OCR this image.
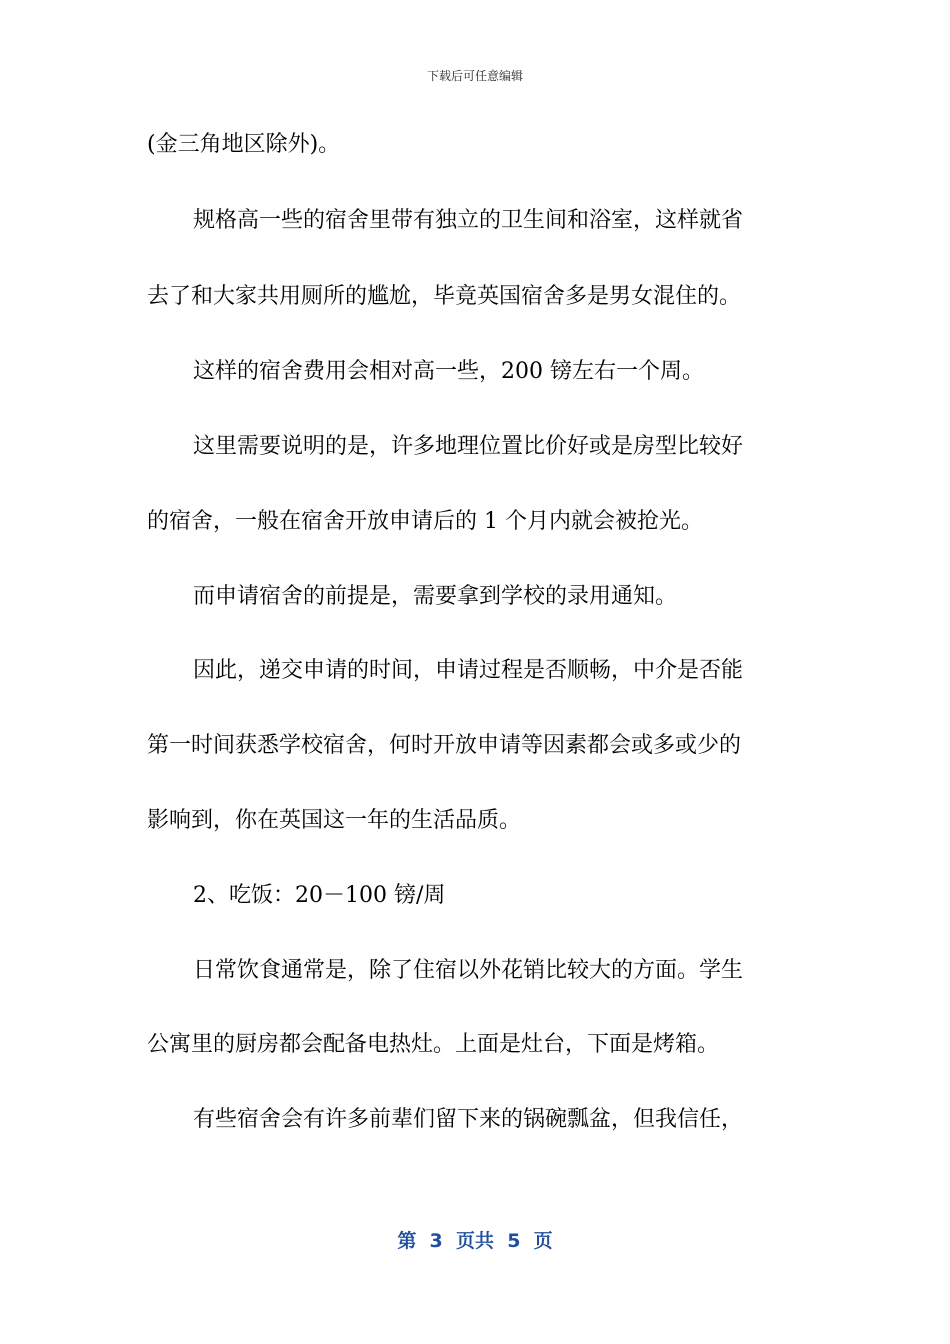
下载后可任意编辑
(金三角地区除外)。
规格高一些的宿舍里带有独立的卫生间和浴室，这样就省
去了和大家共用厕所的尴尬，毕竟英国宿舍多是男女混住的。
这样的宿舍费用会相对高一些，200 镑左右一个周。
这里需要说明的是，许多地理位置比价好或是房型比较好
的宿舍，一般在宿舍开放申请后的 1 个月内就会被抢光。
而申请宿舍的前提是，需要拿到学校的录用通知。
因此，递交申请的时间，申请过程是否顺畅，中介是否能
第一时间获悉学校宿舍，何时开放申请等因素都会或多或少的
影响到，你在英国这一年的生活品质。
2、吃饭：20－100 镑/周
日常饮食通常是，除了住宿以外花销比较大的方面。学生
公寓里的厨房都会配备电热灶。上面是灶台，下面是烤箱。
有些宿舍会有许多前辈们留下来的锅碗瓢盆，但我信任，
第  3  页共  5  页
